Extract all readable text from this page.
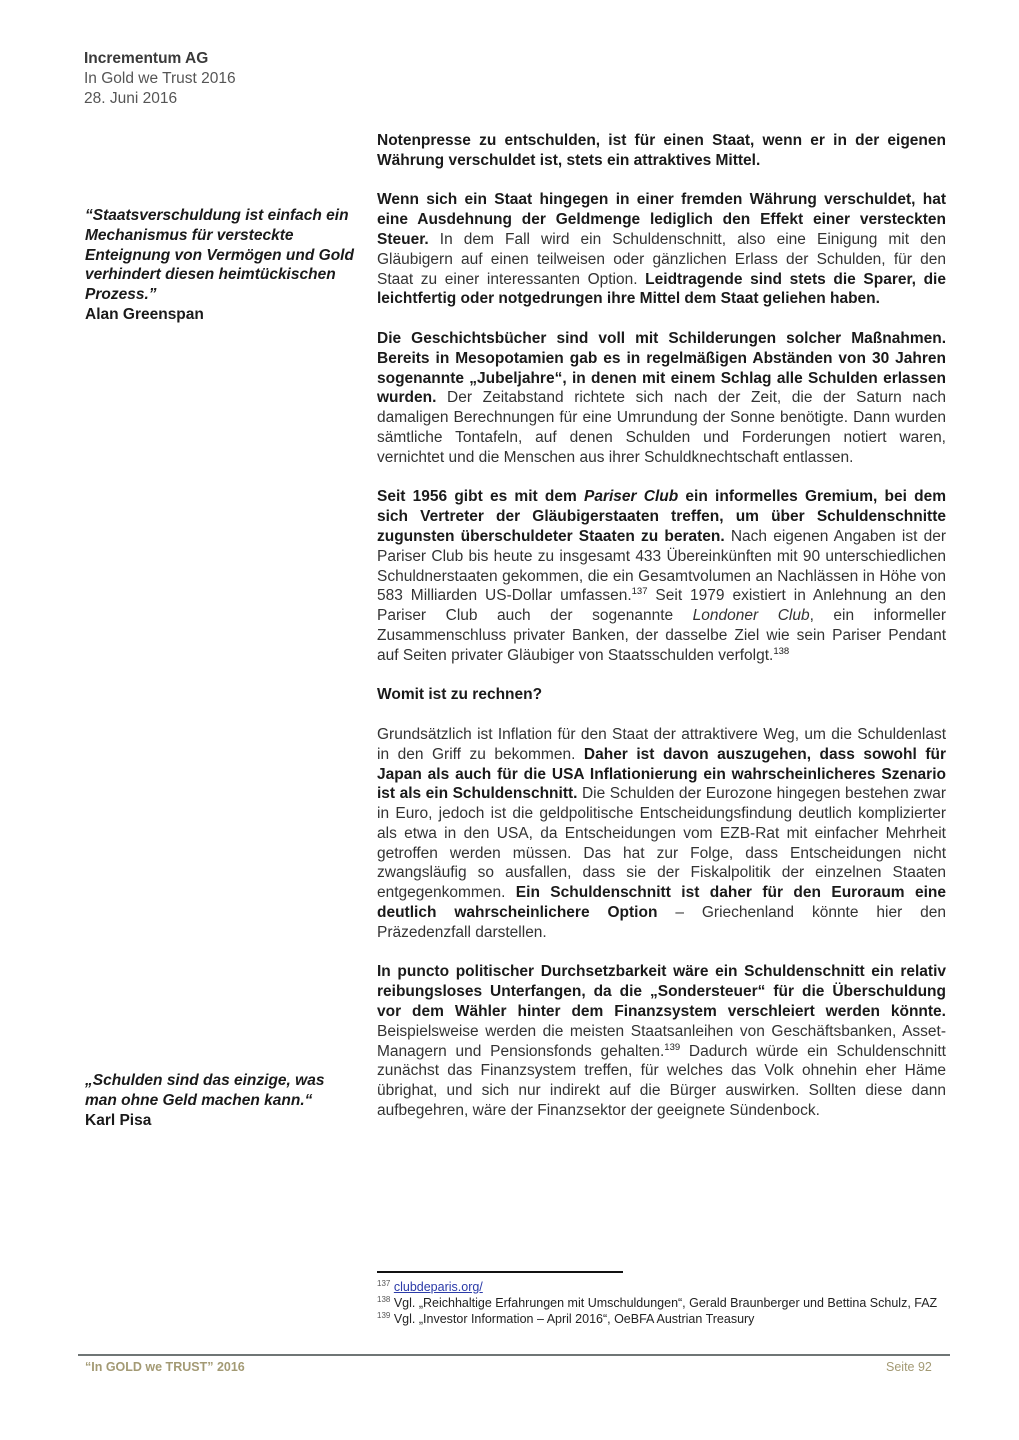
Incrementum AG
In Gold we Trust 2016
28. Juni 2016
“Staatsverschuldung ist einfach ein Mechanismus für versteckte Enteignung von Vermögen und Gold verhindert diesen heimtückischen Prozess.”
Alan Greenspan
„Schulden sind das einzige, was man ohne Geld machen kann.“
Karl Pisa

Notenpresse zu entschulden, ist für einen Staat, wenn er in der eigenen Währung verschuldet ist, stets ein attraktives Mittel.

Wenn sich ein Staat hingegen in einer fremden Währung verschuldet, hat eine Ausdehnung der Geldmenge lediglich den Effekt einer versteckten Steuer. In dem Fall wird ein Schuldenschnitt, also eine Einigung mit den Gläubigern auf einen teilweisen oder gänzlichen Erlass der Schulden, für den Staat zu einer interessanten Option. Leidtragende sind stets die Sparer, die leichtfertig oder notgedrungen ihre Mittel dem Staat geliehen haben.

Die Geschichtsbücher sind voll mit Schilderungen solcher Maßnahmen. Bereits in Mesopotamien gab es in regelmäßigen Abständen von 30 Jahren sogenannte „Jubeljahre“, in denen mit einem Schlag alle Schulden erlassen wurden. Der Zeitabstand richtete sich nach der Zeit, die der Saturn nach damaligen Berechnungen für eine Umrundung der Sonne benötigte. Dann wurden sämtliche Tontafeln, auf denen Schulden und Forderungen notiert waren, vernichtet und die Menschen aus ihrer Schuldknechtschaft entlassen.

Seit 1956 gibt es mit dem Pariser Club ein informelles Gremium, bei dem sich Vertreter der Gläubigerstaaten treffen, um über Schuldenschnitte zugunsten überschuldeter Staaten zu beraten. Nach eigenen Angaben ist der Pariser Club bis heute zu insgesamt 433 Übereinkünften mit 90 unterschiedlichen Schuldnerstaaten gekommen, die ein Gesamtvolumen an Nachlässen in Höhe von 583 Milliarden US-Dollar umfassen.$^{137}$ Seit 1979 existiert in Anlehnung an den Pariser Club auch der sogenannte Londoner Club, ein informeller Zusammenschluss privater Banken, der dasselbe Ziel wie sein Pariser Pendant auf Seiten privater Gläubiger von Staatsschulden verfolgt.$^{138}$

Womit ist zu rechnen?

Grundsätzlich ist Inflation für den Staat der attraktivere Weg, um die Schuldenlast in den Griff zu bekommen. Daher ist davon auszugehen, dass sowohl für Japan als auch für die USA Inflationierung ein wahrscheinlicheres Szenario ist als ein Schuldenschnitt. Die Schulden der Eurozone hingegen bestehen zwar in Euro, jedoch ist die geldpolitische Entscheidungsfindung deutlich komplizierter als etwa in den USA, da Entscheidungen vom EZB-Rat mit einfacher Mehrheit getroffen werden müssen. Das hat zur Folge, dass Entscheidungen nicht zwangsläufig so ausfallen, dass sie der Fiskalpolitik der einzelnen Staaten entgegenkommen. Ein Schuldenschnitt ist daher für den Euroraum eine deutlich wahrscheinlichere Option – Griechenland könnte hier den Präzedenzfall darstellen.

In puncto politischer Durchsetzbarkeit wäre ein Schuldenschnitt ein relativ reibungsloses Unterfangen, da die „Sondersteuer“ für die Überschuldung vor dem Wähler hinter dem Finanzsystem verschleiert werden könnte. Beispielsweise werden die meisten Staatsanleihen von Geschäftsbanken, Asset-Managern und Pensionsfonds gehalten.$^{139}$ Dadurch würde ein Schuldenschnitt zunächst das Finanzsystem treffen, für welches das Volk ohnehin eher Häme übrighat, und sich nur indirekt auf die Bürger auswirken. Sollten diese dann aufbegehren, wäre der Finanzsektor der geeignete Sündenbock.

$^{137}$ clubdeparis.org/
$^{138}$ Vgl. „Reichhaltige Erfahrungen mit Umschuldungen“, Gerald Braunberger und Bettina Schulz, FAZ
$^{139}$ Vgl. „Investor Information – April 2016“, OeBFA Austrian Treasury
“In GOLD we TRUST” 2016	Seite 92
